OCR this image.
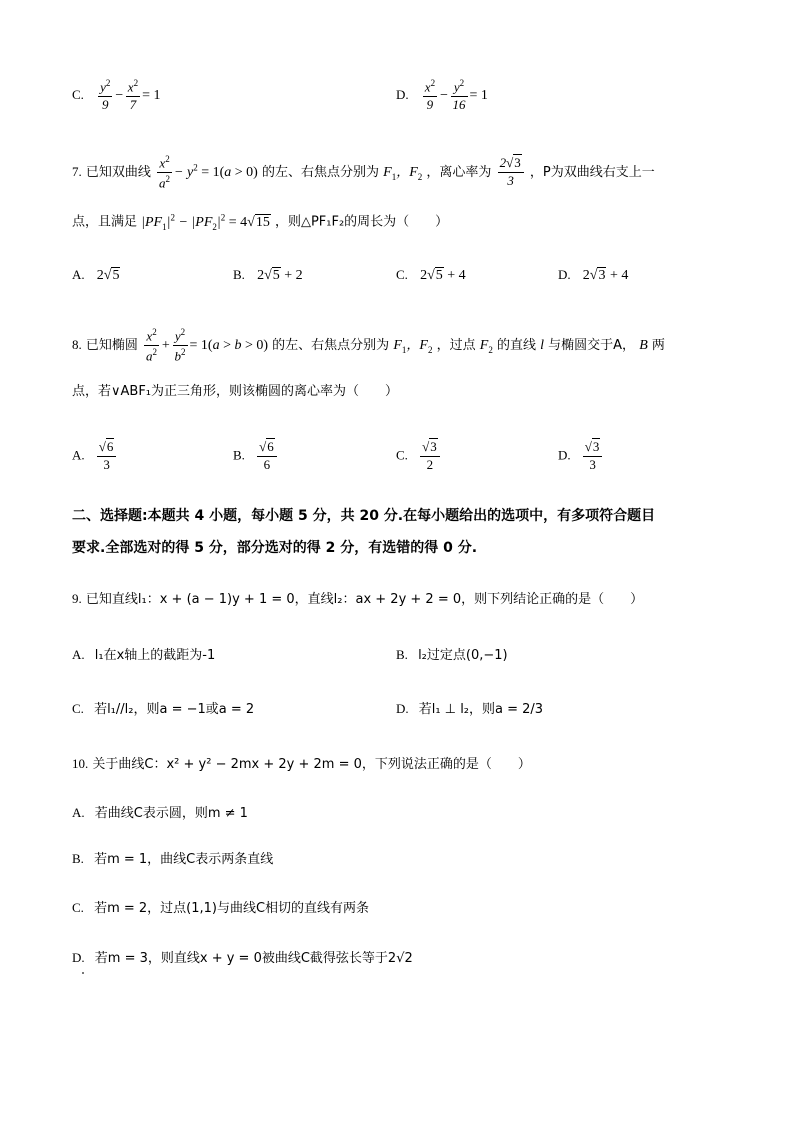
C. $\frac{y^2}{9} - \frac{x^2}{7} = 1$	D. $\frac{x^2}{9} - \frac{y^2}{16} = 1$
7. 已知双曲线 $\frac{x^2}{a^2} - y^2 = 1(a > 0)$ 的左、右焦点分别为 $F_1$，$F_2$ ，离心率为 $\frac{2√3}{3}$ ，P为双曲线右支上一
点，且满足 $|PF_1|^2 - |PF_2|^2 = 4√15$ ，则△PF₁F₂的周长为（　　）
A. 2√5	B. 2√5 + 2	C. 2√5 + 4	D. 2√3 + 4
8. 已知椭圆 $\frac{x^2}{a^2} + \frac{y^2}{b^2} = 1(a > b > 0)$ 的左、右焦点分别为 $F_1$，$F_2$ ，过点 $F_2$ 的直线 l 与椭圆交于A， B 两
点，若∨ABF₁为正三角形，则该椭圆的离心率为（　　）
A. $\frac{√6}{3}$	B. $\frac{√6}{6}$	C. $\frac{√3}{2}$	D. $\frac{√3}{3}$
二、选择题:本题共 4 小题，每小题 5 分，共 20 分.在每小题给出的选项中，有多项符合题目
要求.全部选对的得 5 分，部分选对的得 2 分，有选错的得 0 分.
9. 已知直线l₁：x + (a − 1)y + 1 = 0，直线l₂：ax + 2y + 2 = 0，则下列结论正确的是（　　）
A. l₁在x轴上的截距为-1	B. l₂过定点(0,−1)
C. 若l₁//l₂，则a = −1或a = 2	D. 若l₁ ⊥ l₂，则a = 2/3
10. 关于曲线C：x² + y² − 2mx + 2y + 2m = 0，下列说法正确的是（　　）
A. 若曲线C表示圆，则m ≠ 1
B. 若m = 1，曲线C表示两条直线
C. 若m = 2，过点(1,1)与曲线C相切的直线有两条
D. 若m = 3，则直线x + y = 0被曲线C截得弦长等于2√2
